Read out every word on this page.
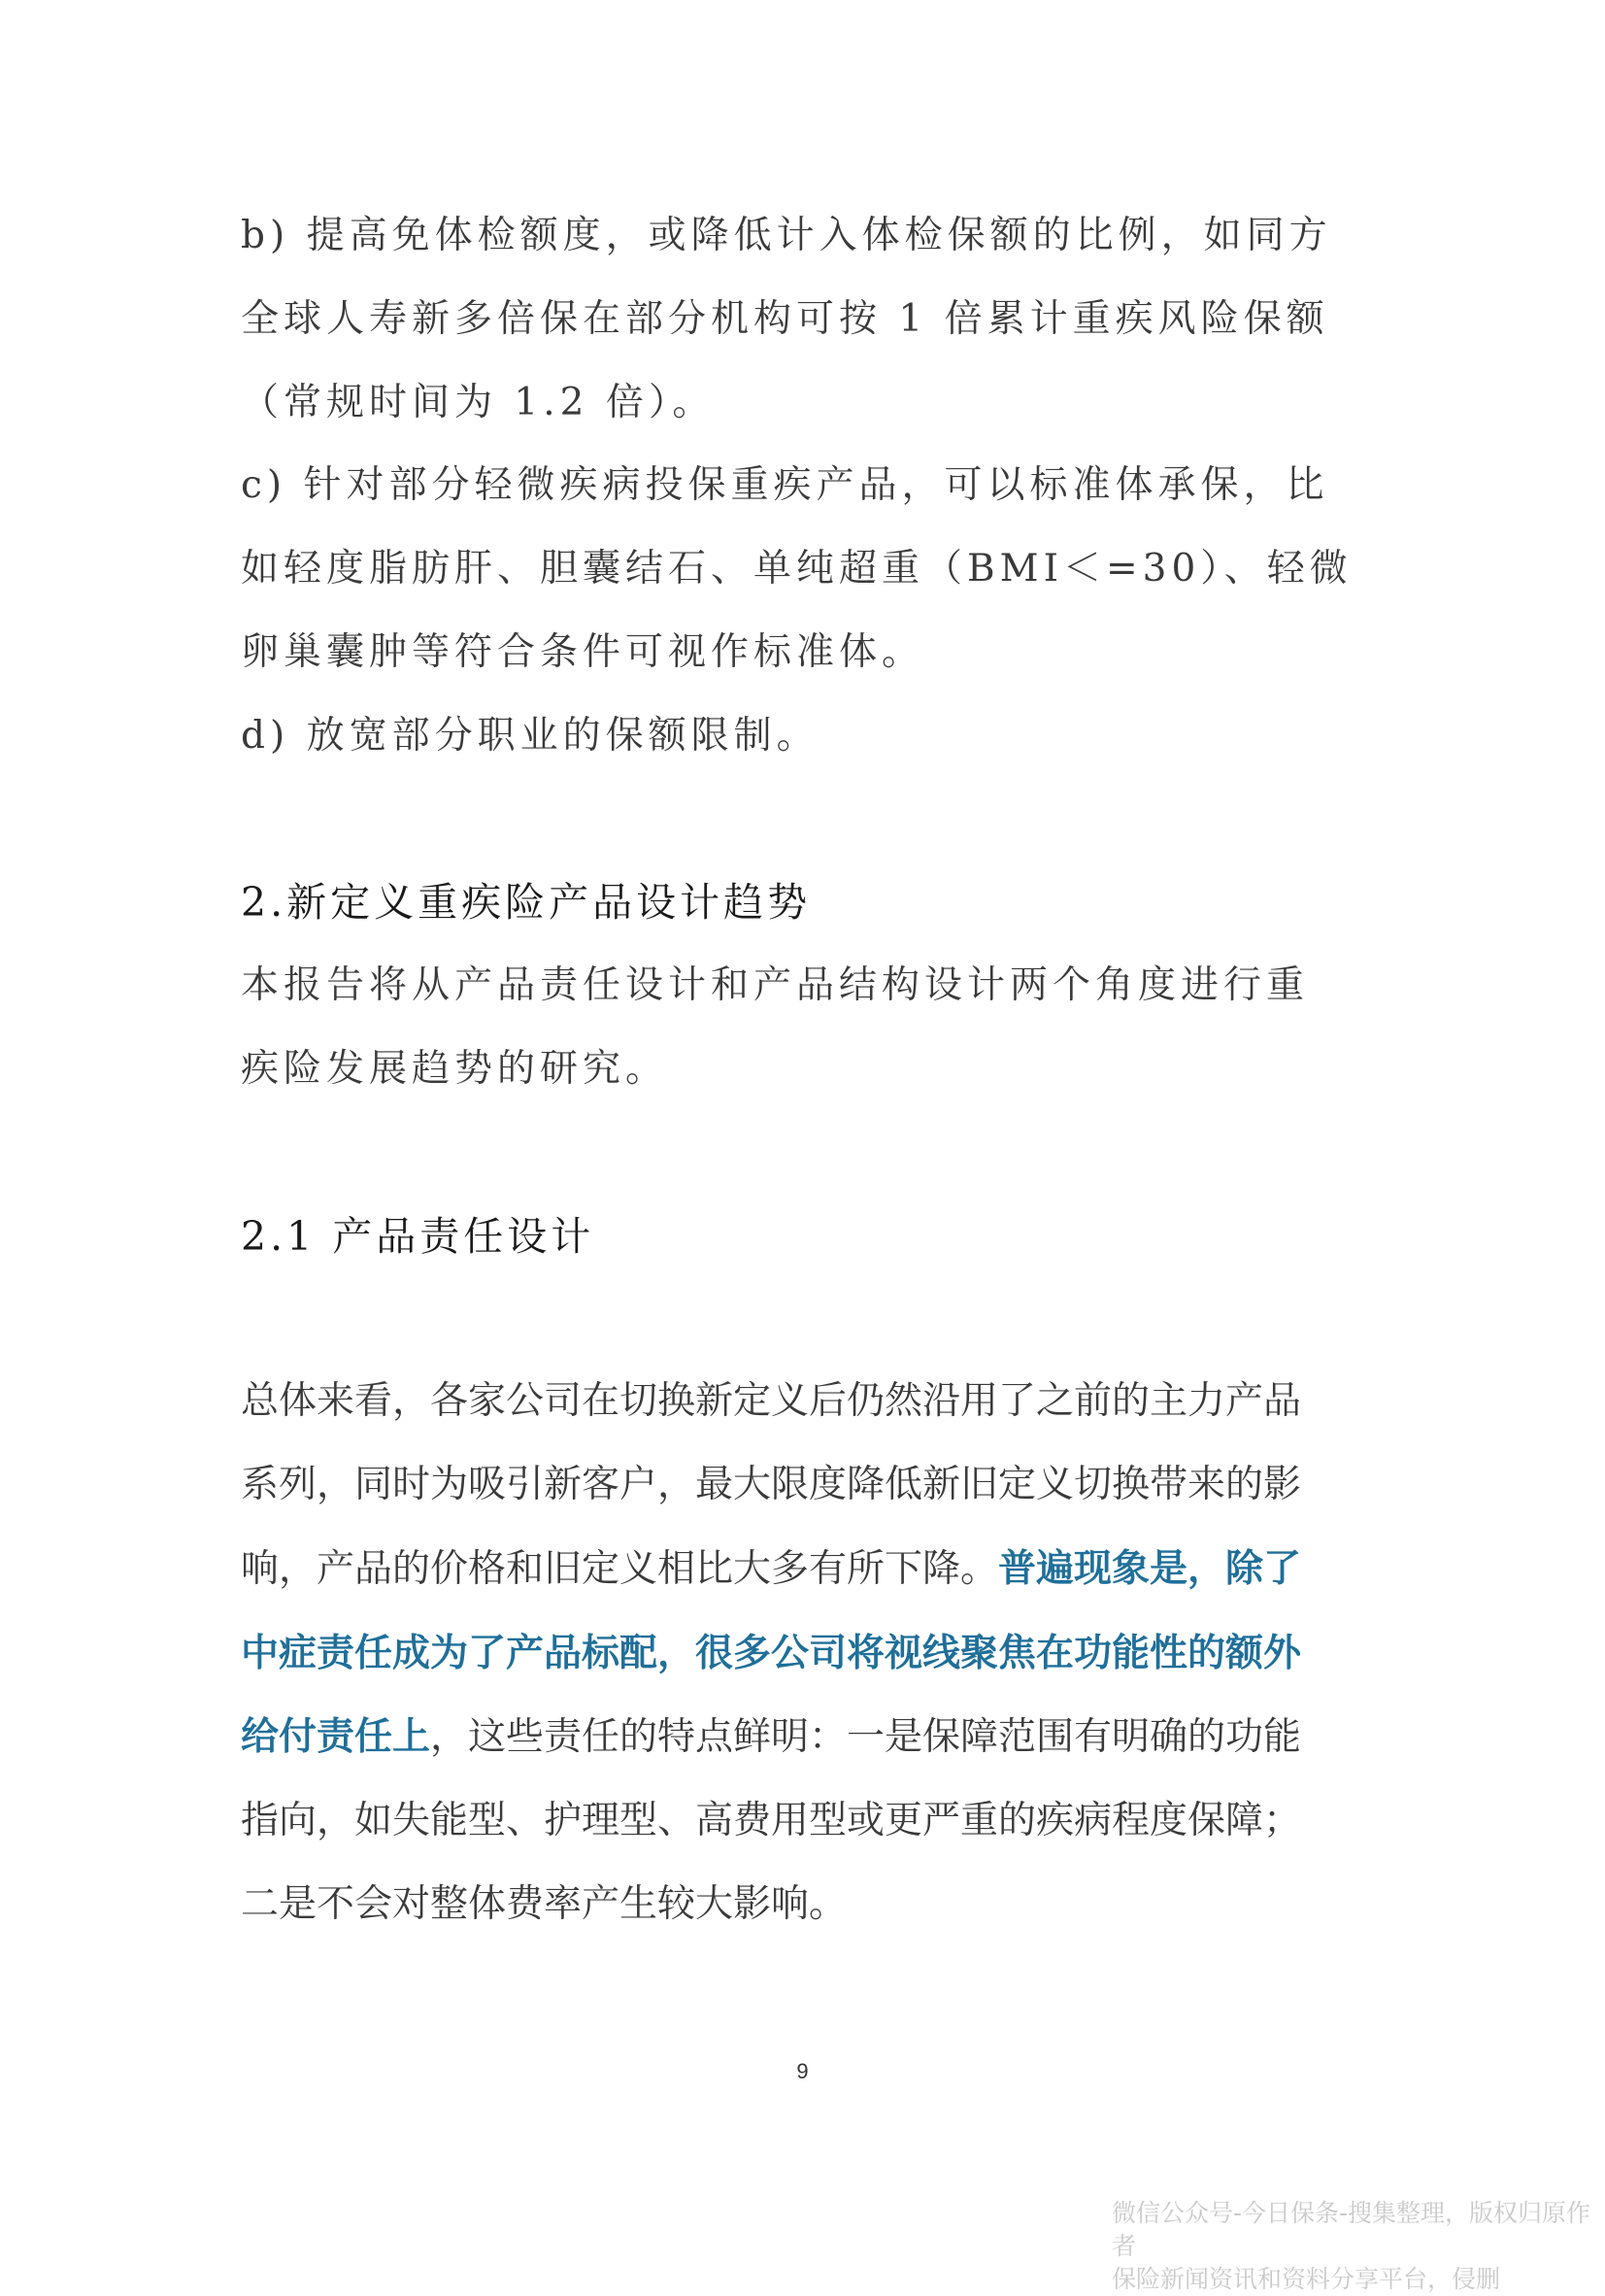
b) 提高免体检额度，或降低计入体检保额的比例，如同方

全球人寿新多倍保在部分机构可按 1 倍累计重疾风险保额

（常规时间为 1.2 倍）。

c) 针对部分轻微疾病投保重疾产品，可以标准体承保，比

如轻度脂肪肝、胆囊结石、单纯超重（BMI＜=30）、轻微

卵巢囊肿等符合条件可视作标准体。

d) 放宽部分职业的保额限制。

2.新定义重疾险产品设计趋势

本报告将从产品责任设计和产品结构设计两个角度进行重

疾险发展趋势的研究。

2.1 产品责任设计

总体来看，各家公司在切换新定义后仍然沿用了之前的主力产品

系列，同时为吸引新客户，最大限度降低新旧定义切换带来的影

响，产品的价格和旧定义相比大多有所下降。普遍现象是，除了

中症责任成为了产品标配，很多公司将视线聚焦在功能性的额外

给付责任上，这些责任的特点鲜明：一是保障范围有明确的功能

指向，如失能型、护理型、高费用型或更严重的疾病程度保障；

二是不会对整体费率产生较大影响。

9
微信公众号-今日保条-搜集整理，版权归原作者
保险新闻资讯和资料分享平台，侵删
